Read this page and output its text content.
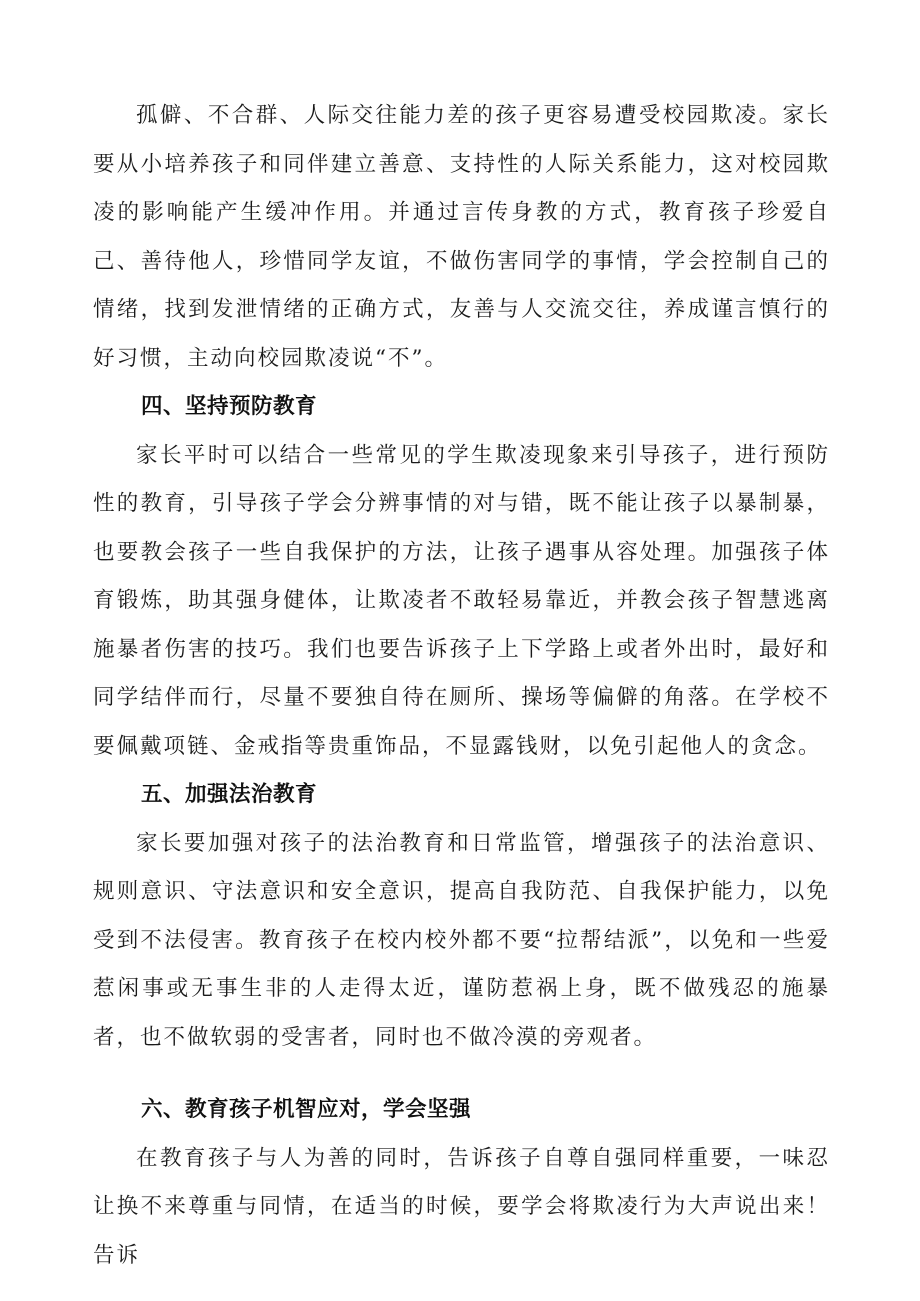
孤僻、不合群、人际交往能力差的孩子更容易遭受校园欺凌。家长要从小培养孩子和同伴建立善意、支持性的人际关系能力，这对校园欺凌的影响能产生缓冲作用。并通过言传身教的方式，教育孩子珍爱自己、善待他人，珍惜同学友谊，不做伤害同学的事情，学会控制自己的情绪，找到发泄情绪的正确方式，友善与人交流交往，养成谨言慎行的好习惯，主动向校园欺凌说“不”。

四、坚持预防教育

家长平时可以结合一些常见的学生欺凌现象来引导孩子，进行预防性的教育，引导孩子学会分辨事情的对与错，既不能让孩子以暴制暴，也要教会孩子一些自我保护的方法，让孩子遇事从容处理。加强孩子体育锻炼，助其强身健体，让欺凌者不敢轻易靠近，并教会孩子智慧逃离施暴者伤害的技巧。我们也要告诉孩子上下学路上或者外出时，最好和同学结伴而行，尽量不要独自待在厕所、操场等偏僻的角落。在学校不要佩戴项链、金戒指等贵重饰品，不显露钱财，以免引起他人的贪念。

五、加强法治教育

家长要加强对孩子的法治教育和日常监管，增强孩子的法治意识、规则意识、守法意识和安全意识，提高自我防范、自我保护能力，以免受到不法侵害。教育孩子在校内校外都不要“拉帮结派”，以免和一些爱惹闲事或无事生非的人走得太近，谨防惹祸上身，既不做残忍的施暴者，也不做软弱的受害者，同时也不做冷漠的旁观者。

六、教育孩子机智应对，学会坚强

在教育孩子与人为善的同时，告诉孩子自尊自强同样重要，一味忍让换不来尊重与同情，在适当的时候，要学会将欺凌行为大声说出来！告诉
